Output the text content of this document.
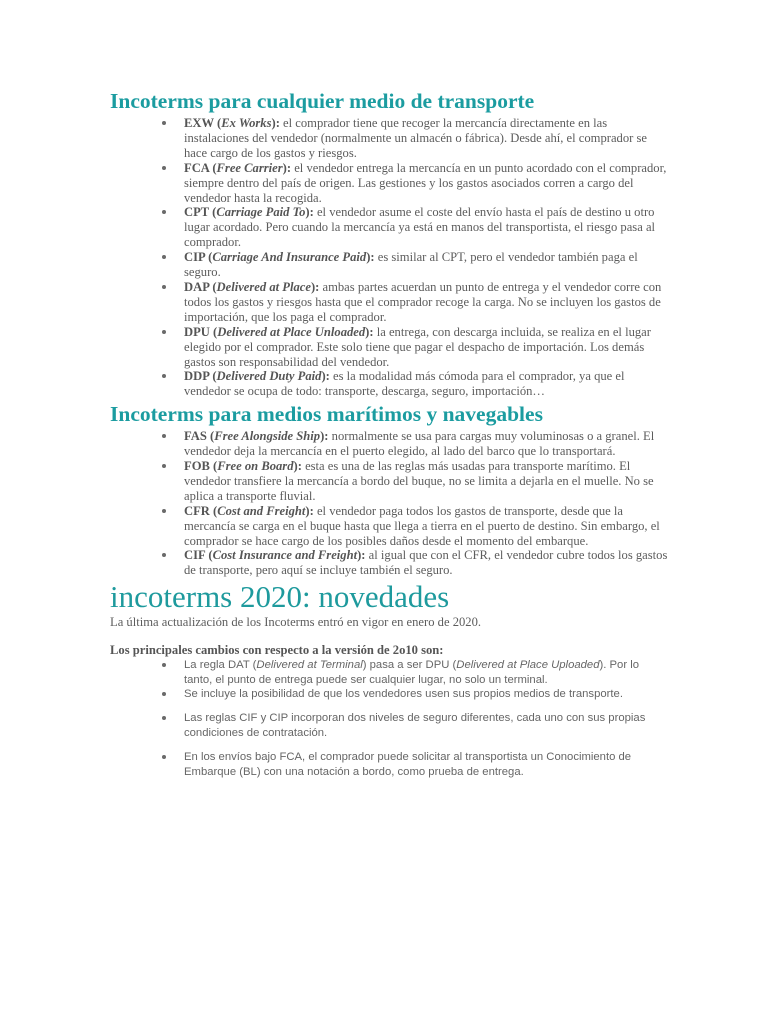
Incoterms para cualquier medio de transporte
EXW (Ex Works): el comprador tiene que recoger la mercancía directamente en las instalaciones del vendedor (normalmente un almacén o fábrica). Desde ahí, el comprador se hace cargo de los gastos y riesgos.
FCA (Free Carrier): el vendedor entrega la mercancía en un punto acordado con el comprador, siempre dentro del país de origen. Las gestiones y los gastos asociados corren a cargo del vendedor hasta la recogida.
CPT (Carriage Paid To): el vendedor asume el coste del envío hasta el país de destino u otro lugar acordado. Pero cuando la mercancía ya está en manos del transportista, el riesgo pasa al comprador.
CIP (Carriage And Insurance Paid): es similar al CPT, pero el vendedor también paga el seguro.
DAP (Delivered at Place): ambas partes acuerdan un punto de entrega y el vendedor corre con todos los gastos y riesgos hasta que el comprador recoge la carga. No se incluyen los gastos de importación, que los paga el comprador.
DPU (Delivered at Place Unloaded): la entrega, con descarga incluida, se realiza en el lugar elegido por el comprador. Este solo tiene que pagar el despacho de importación. Los demás gastos son responsabilidad del vendedor.
DDP (Delivered Duty Paid): es la modalidad más cómoda para el comprador, ya que el vendedor se ocupa de todo: transporte, descarga, seguro, importación…
Incoterms para medios marítimos y navegables
FAS (Free Alongside Ship): normalmente se usa para cargas muy voluminosas o a granel. El vendedor deja la mercancía en el puerto elegido, al lado del barco que lo transportará.
FOB (Free on Board): esta es una de las reglas más usadas para transporte marítimo. El vendedor transfiere la mercancía a bordo del buque, no se limita a dejarla en el muelle. No se aplica a transporte fluvial.
CFR (Cost and Freight): el vendedor paga todos los gastos de transporte, desde que la mercancía se carga en el buque hasta que llega a tierra en el puerto de destino. Sin embargo, el comprador se hace cargo de los posibles daños desde el momento del embarque.
CIF (Cost Insurance and Freight): al igual que con el CFR, el vendedor cubre todos los gastos de transporte, pero aquí se incluye también el seguro.
incoterms 2020: novedades

La última actualización de los Incoterms entró en vigor en enero de 2020.

Los principales cambios con respecto a la versión de 2o10 son:

La regla DAT (Delivered at Terminal) pasa a ser DPU (Delivered at Place Uploaded). Por lo tanto, el punto de entrega puede ser cualquier lugar, no solo un terminal.
Se incluye la posibilidad de que los vendedores usen sus propios medios de transporte.
Las reglas CIF y CIP incorporan dos niveles de seguro diferentes, cada uno con sus propias condiciones de contratación.
En los envíos bajo FCA, el comprador puede solicitar al transportista un Conocimiento de Embarque (BL) con una notación a bordo, como prueba de entrega.
